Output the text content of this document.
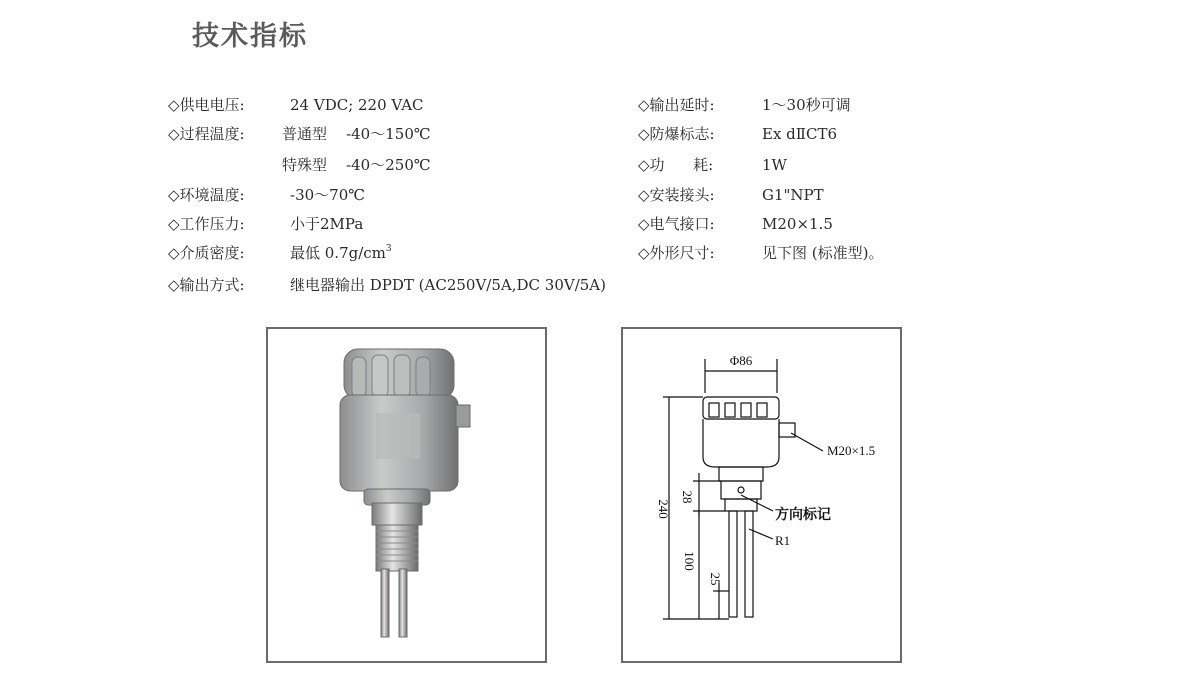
技术指标
◇供电电压:	24 VDC; 220 VAC
◇过程温度: 普通型    -40～150℃
特殊型    -40～250℃
◇环境温度:	-30～70℃
◇工作压力:	小于2MPa
◇介质密度:	最低 $0.7g/cm^3$
◇输出方式:	继电器输出 DPDT (AC250V/5A,DC 30V/5A)
◇输出延时:	1～30秒可调
◇防爆标志:	Ex dⅡCT6
◇功      耗:	1W
◇安装接头:	G1"NPT
◇电气接口:	M20×1.5
◇外形尺寸:	见下图 (标准型)。
Φ86
M20×1.5
方向标记
R1
240
28
100
25
